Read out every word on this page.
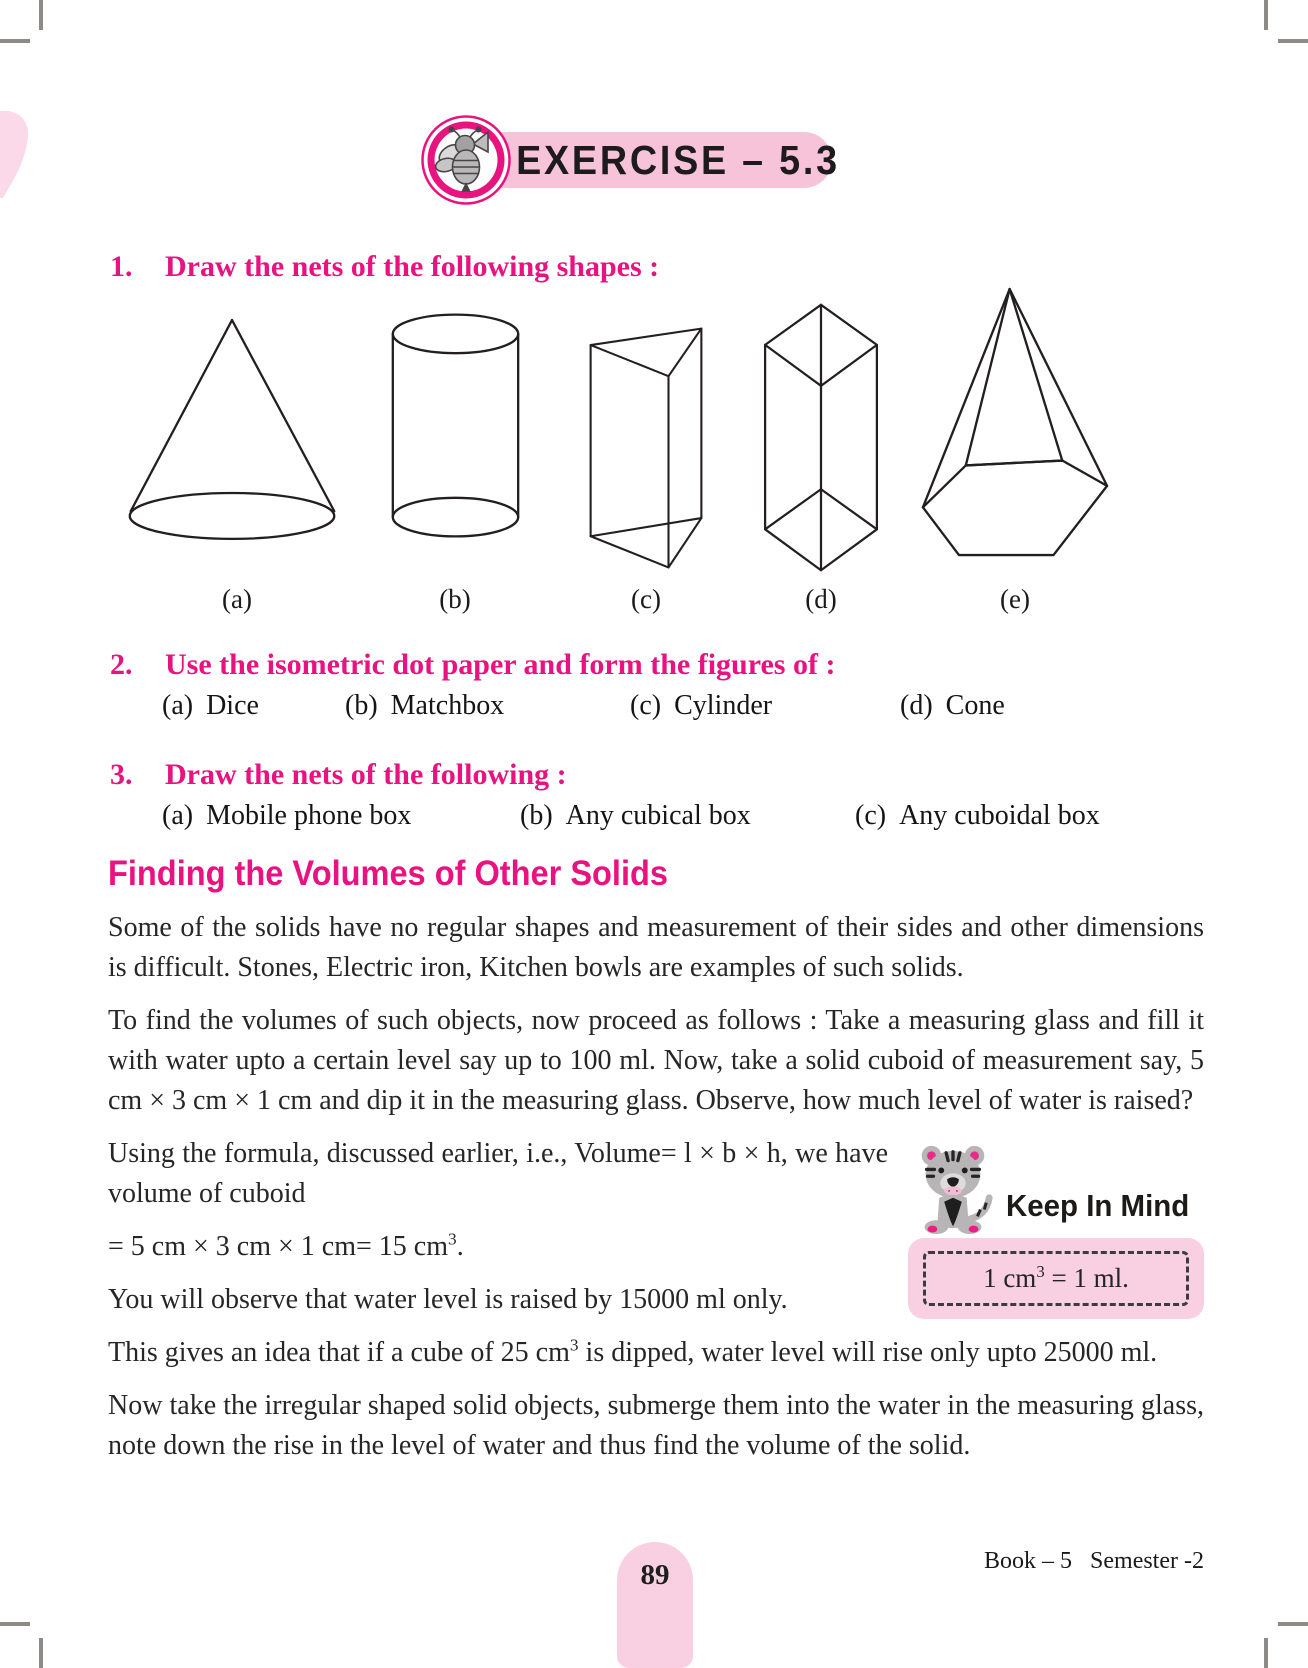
EXERCISE – 5.3
1.	Draw the nets of the following shapes :
(a)	(b)	(c)	(d)	(e)
2.	Use the isometric dot paper and form the figures of :
(a) Dice	(b) Matchbox	(c) Cylinder	(d) Cone
3.	Draw the nets of the following :
(a) Mobile phone box	(b) Any cubical box	(c) Any cuboidal box
Finding the Volumes of Other Solids

Some of the solids have no regular shapes and measurement of their sides and other dimensions is difficult. Stones, Electric iron, Kitchen bowls are examples of such solids.

To find the volumes of such objects, now proceed as follows : Take a measuring glass and fill it with water upto a certain level say up to 100 ml. Now, take a solid cuboid of measurement say, 5 cm × 3 cm × 1 cm and dip it in the measuring glass. Observe, how much level of water is raised?

Keep In Mind
1 $cm^3 = 1$ ml.

Using the formula, discussed earlier, i.e., Volume= l × b × h, we have volume of cuboid

= 5 cm × 3 cm × 1 cm= 15 $cm^3$.

You will observe that water level is raised by 15000 ml only.

This gives an idea that if a cube of 25 $cm^3$ is dipped, water level will rise only upto 25000 ml.

Now take the irregular shaped solid objects, submerge them into the water in the measuring glass, note down the rise in the level of water and thus find the volume of the solid.

89	Book – 5   Semester -2
